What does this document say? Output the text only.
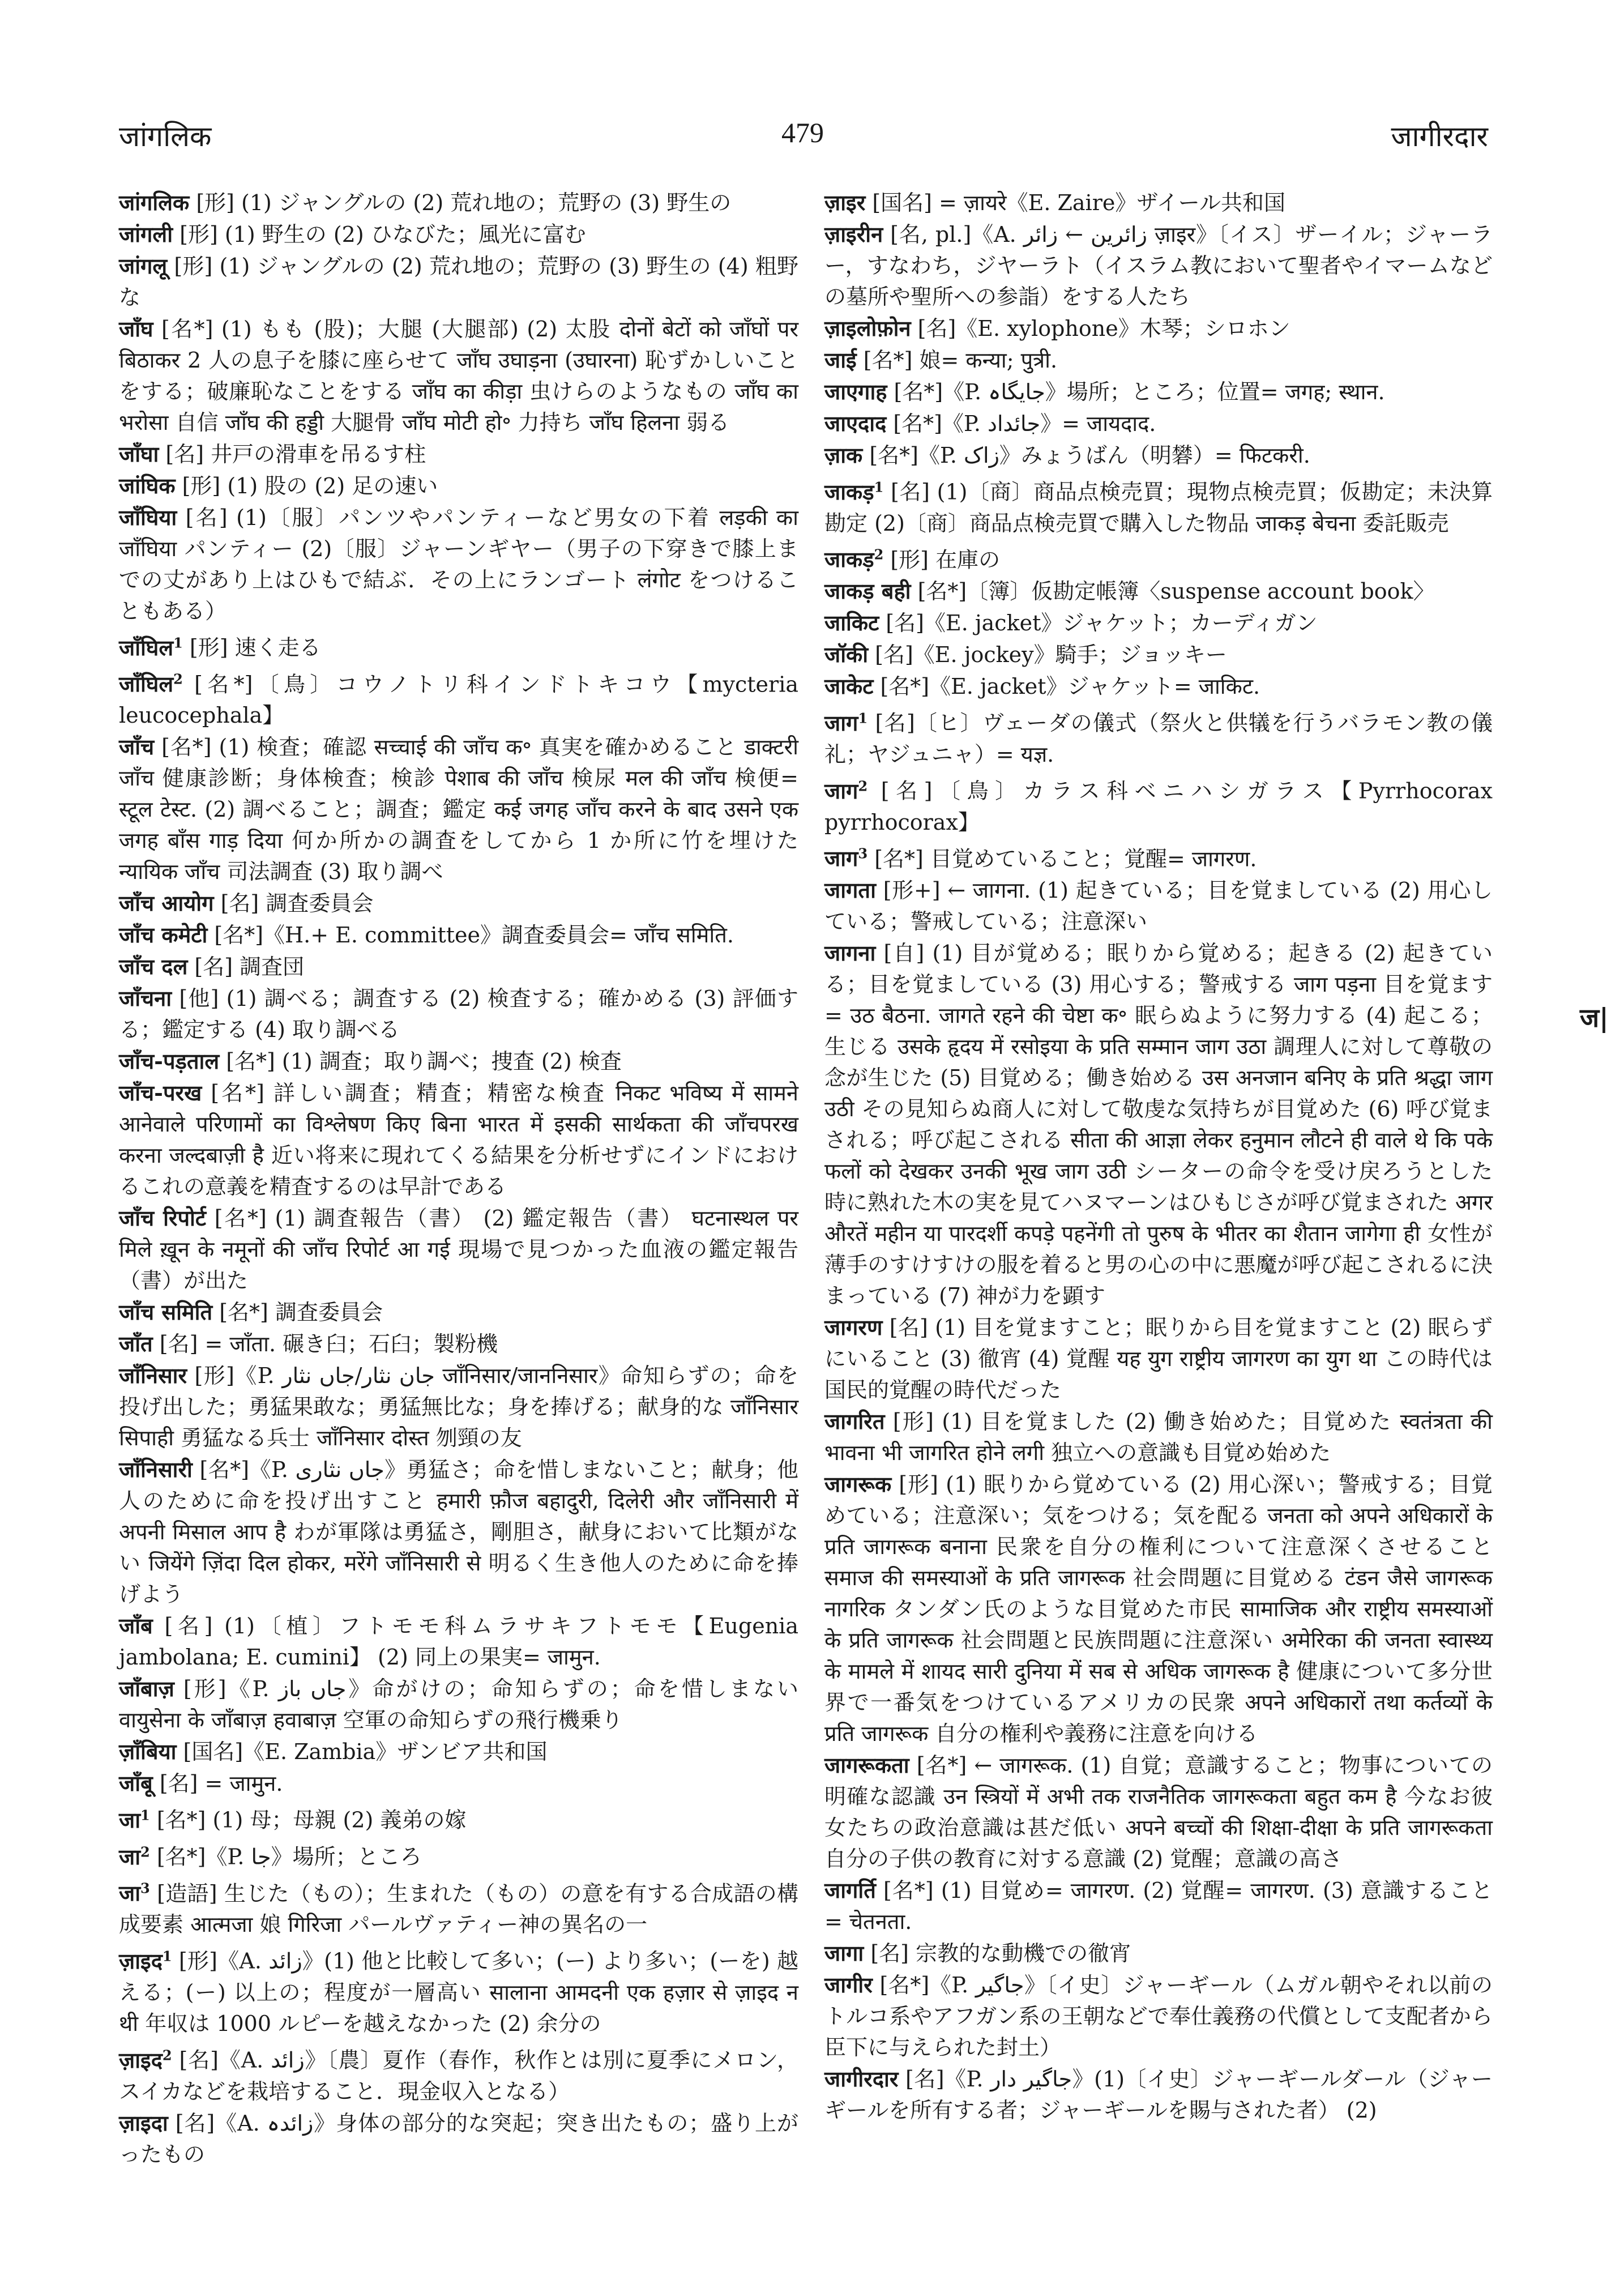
जांगलिक	479	जागीरदार

जांगलिक [形] (1) ジャングルの (2) 荒れ地の；荒野の (3) 野生の

जांगली [形] (1) 野生の (2) ひなびた；風光に富む

जांगलू [形] (1) ジャングルの (2) 荒れ地の；荒野の (3) 野生の (4) 粗野な

जाँघ [名*] (1) もも (股)；大腿 (大腿部) (2) 太股 दोनों बेटों को जाँघों पर बिठाकर 2 人の息子を膝に座らせて जाँघ उघाड़ना (उघारना) 恥ずかしいことをする；破廉恥なことをする जाँघ का कीड़ा 虫けらのようなもの जाँघ का भरोसा 自信 जाँघ की हड्डी 大腿骨 जाँघ मोटी हो॰ 力持ち जाँघ हिलना 弱る

जाँघा [名] 井戸の滑車を吊るす柱

जांघिक [形] (1) 股の (2) 足の速い

जाँघिया [名] (1)〔服〕パンツやパンティーなど男女の下着 लड़की का जाँघिया パンティー (2)〔服〕ジャーンギヤー（男子の下穿きで膝上までの丈があり上はひもで結ぶ．その上にランゴート लंगोट をつけることもある）

जाँघिल$^1$ [形] 速く走る

जाँघिल$^2$ [名*]〔鳥〕コウノトリ科インドトキコウ【mycteria leucocephala】

जाँच [名*] (1) 検査；確認 सच्चाई की जाँच क॰ 真実を確かめること डाक्टरी जाँच 健康診断；身体検査；検診 पेशाब की जाँच 検尿 मल की जाँच 検便= स्टूल टेस्ट. (2) 調べること；調査；鑑定 कई जगह जाँच करने के बाद उसने एक जगह बाँस गाड़ दिया 何か所かの調査をしてから 1 か所に竹を埋けた न्यायिक जाँच 司法調査 (3) 取り調べ

जाँच आयोग [名] 調査委員会

जाँच कमेटी [名*]《H.+ E. committee》調査委員会= जाँच समिति.

जाँच दल [名] 調査団

जाँचना [他] (1) 調べる；調査する (2) 検査する；確かめる (3) 評価する；鑑定する (4) 取り調べる

जाँच-पड़ताल [名*] (1) 調査；取り調べ；捜査 (2) 検査

जाँच-परख [名*] 詳しい調査；精査；精密な検査 निकट भविष्य में सामने आनेवाले परिणामों का विश्लेषण किए बिना भारत में इसकी सार्थकता की जाँचपरख करना जल्दबाज़ी है 近い将来に現れてくる結果を分析せずにインドにおけるこれの意義を精査するのは早計である

जाँच रिपोर्ट [名*] (1) 調査報告（書） (2) 鑑定報告（書） घटनास्थल पर मिले ख़ून के नमूनों की जाँच रिपोर्ट आ गई 現場で見つかった血液の鑑定報告（書）が出た

जाँच समिति [名*] 調査委員会

जाँत [名] = जाँता. 碾き臼；石臼；製粉機

जाँनिसार [形]《P. جان نثار/جاں نثار जाँनिसार/जाननिसार》命知らずの；命を投げ出した；勇猛果敢な；勇猛無比な；身を捧げる；献身的な जाँनिसार सिपाही 勇猛なる兵士 जाँनिसार दोस्त 刎頸の友

जाँनिसारी [名*]《P. جاں نثاری》勇猛さ；命を惜しまないこと；献身；他人のために命を投げ出すこと हमारी फ़ौज बहादुरी, दिलेरी और जाँनिसारी में अपनी मिसाल आप है わが軍隊は勇猛さ，剛胆さ，献身において比類がない जियेंगे ज़िंदा दिल होकर, मरेंगे जाँनिसारी से 明るく生き他人のために命を捧げよう

जाँब [名] (1)〔植〕フトモモ科ムラサキフトモモ【Eugenia jambolana; E. cumini】 (2) 同上の果実= जामुन.

जाँबाज़ [形]《P. جاں باز》命がけの；命知らずの；命を惜しまない वायुसेना के जाँबाज़ हवाबाज़ 空軍の命知らずの飛行機乗り

ज़ाँबिया [国名]《E. Zambia》ザンビア共和国

जाँबू [名] = जामुन.

जा$^1$ [名*] (1) 母；母親 (2) 義弟の嫁

जा$^2$ [名*]《P. جا》場所；ところ

जा$^3$ [造語] 生じた（もの）；生まれた（もの）の意を有する合成語の構成要素 आत्मजा 娘 गिरिजा パールヴァティー神の異名の一

ज़ाइद$^1$ [形]《A. زائد》(1) 他と比較して多い；(ー) より多い；(ーを) 越える；(ー) 以上の；程度が一層高い सालाना आमदनी एक हज़ार से ज़ाइद न थी 年収は 1000 ルピーを越えなかった (2) 余分の

ज़ाइद$^2$ [名]《A. زائد》〔農〕夏作（春作，秋作とは別に夏季にメロン，スイカなどを栽培すること．現金収入となる）

ज़ाइदा [名]《A. زائدہ》身体の部分的な突起；突き出たもの；盛り上がったもの

ज़ाइर [国名] = ज़ायरे《E. Zaire》ザイール共和国

ज़ाइरीन [名, pl.]《A. زائرین ← زائر ज़ाइर》〔イス〕ザーイル；ジャーラー，すなわち，ジヤーラト（イスラム教において聖者やイマームなどの墓所や聖所への参詣）をする人たち

ज़ाइलोफ़ोन [名]《E. xylophone》木琴；シロホン

जाई [名*] 娘= कन्या; पुत्री.

जाएगाह [名*]《P. جایگاہ》場所；ところ；位置= जगह; स्थान.

जाएदाद [名*]《P. جائداد》= जायदाद.

ज़ाक [名*]《P. زاک》みょうばん（明礬）= फिटकरी.

जाकड़$^1$ [名] (1)〔商〕商品点検売買；現物点検売買；仮勘定；未決算勘定 (2)〔商〕商品点検売買で購入した物品 जाकड़ बेचना 委託販売

जाकड़$^2$ [形] 在庫の

जाकड़ बही [名*]〔簿〕仮勘定帳簿〈suspense account book〉

जाकिट [名]《E. jacket》ジャケット；カーディガン

जॉकी [名]《E. jockey》騎手；ジョッキー

जाकेट [名*]《E. jacket》ジャケット= जाकिट.

जाग$^1$ [名]〔ヒ〕ヴェーダの儀式（祭火と供犠を行うバラモン教の儀礼；ヤジュニャ）= यज्ञ.

जाग$^2$ [名]〔鳥〕カラス科ベニハシガラス【Pyrrhocorax pyrrhocorax】

जाग$^3$ [名*] 目覚めていること；覚醒= जागरण.

जागता [形+] ← जागना. (1) 起きている；目を覚ましている (2) 用心している；警戒している；注意深い

जागना [自] (1) 目が覚める；眠りから覚める；起きる (2) 起きている；目を覚ましている (3) 用心する；警戒する जाग पड़ना 目を覚ます= उठ बैठना. जागते रहने की चेष्टा क॰ 眠らぬように努力する (4) 起こる；生じる उसके हृदय में रसोइया के प्रति सम्मान जाग उठा 調理人に対して尊敬の念が生じた (5) 目覚める；働き始める उस अनजान बनिए के प्रति श्रद्धा जाग उठी その見知らぬ商人に対して敬虔な気持ちが目覚めた (6) 呼び覚まされる；呼び起こされる सीता की आज्ञा लेकर हनुमान लौटने ही वाले थे कि पके फलों को देखकर उनकी भूख जाग उठी シーターの命令を受け戻ろうとした時に熟れた木の実を見てハヌマーンはひもじさが呼び覚まされた अगर औरतें महीन या पारदर्शी कपड़े पहनेंगी तो पुरुष के भीतर का शैतान जागेगा ही 女性が薄手のすけすけの服を着ると男の心の中に悪魔が呼び起こされるに決まっている (7) 神が力を顕す

जागरण [名] (1) 目を覚ますこと；眠りから目を覚ますこと (2) 眠らずにいること (3) 徹宵 (4) 覚醒 यह युग राष्ट्रीय जागरण का युग था この時代は国民的覚醒の時代だった

जागरित [形] (1) 目を覚ました (2) 働き始めた；目覚めた स्वतंत्रता की भावना भी जागरित होने लगी 独立への意識も目覚め始めた

जागरूक [形] (1) 眠りから覚めている (2) 用心深い；警戒する；目覚めている；注意深い；気をつける；気を配る जनता को अपने अधिकारों के प्रति जागरूक बनाना 民衆を自分の権利について注意深くさせること समाज की समस्याओं के प्रति जागरूक 社会問題に目覚める टंडन जैसे जागरूक नागरिक タンダン氏のような目覚めた市民 सामाजिक और राष्ट्रीय समस्याओं के प्रति जागरूक 社会問題と民族問題に注意深い अमेरिका की जनता स्वास्थ्य के मामले में शायद सारी दुनिया में सब से अधिक जागरूक है 健康について多分世界で一番気をつけているアメリカの民衆 अपने अधिकारों तथा कर्तव्यों के प्रति जागरूक 自分の権利や義務に注意を向ける

जागरूकता [名*] ← जागरूक. (1) 自覚；意識すること；物事についての明確な認識 उन स्त्रियों में अभी तक राजनैतिक जागरूकता बहुत कम है 今なお彼女たちの政治意識は甚だ低い अपने बच्चों की शिक्षा-दीक्षा के प्रति जागरूकता 自分の子供の教育に対する意識 (2) 覚醒；意識の高さ

जागर्ति [名*] (1) 目覚め= जागरण. (2) 覚醒= जागरण. (3) 意識すること= चेतनता.

जागा [名] 宗教的な動機での徹宵

जागीर [名*]《P. جاگیر》〔イ史〕ジャーギール（ムガル朝やそれ以前のトルコ系やアフガン系の王朝などで奉仕義務の代償として支配者から臣下に与えられた封土）

जागीरदार [名]《P. جاگیر دار》(1)〔イ史〕ジャーギールダール（ジャーギールを所有する者；ジャーギールを賜与された者） (2)

ज|
